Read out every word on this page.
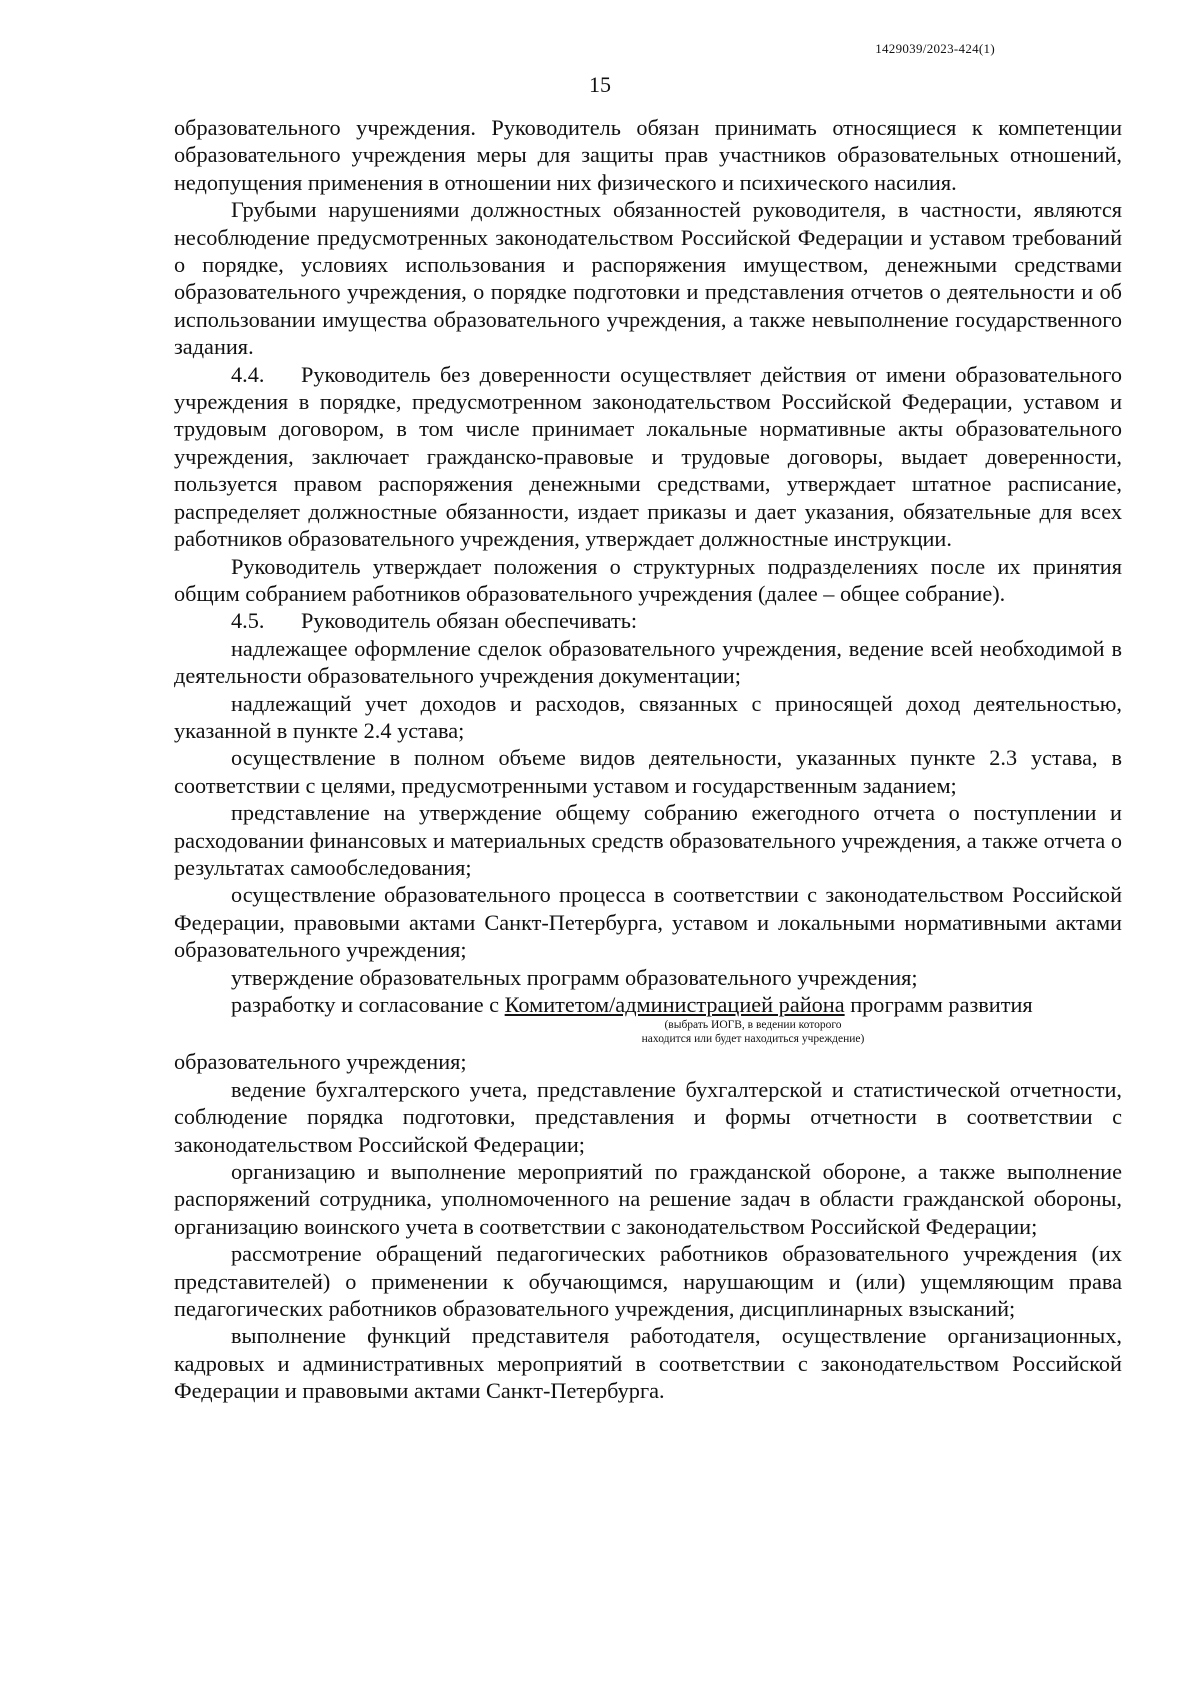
1429039/2023-424(1)
15

образовательного учреждения. Руководитель обязан принимать относящиеся к компетенции образовательного учреждения меры для защиты прав участников образовательных отношений, недопущения применения в отношении них физического и психического насилия.

Грубыми нарушениями должностных обязанностей руководителя, в частности, являются несоблюдение предусмотренных законодательством Российской Федерации и уставом требований о порядке, условиях использования и распоряжения имуществом, денежными средствами образовательного учреждения, о порядке подготовки и представления отчетов о деятельности и об использовании имущества образовательного учреждения, а также невыполнение государственного задания.

4.4. Руководитель без доверенности осуществляет действия от имени образовательного учреждения в порядке, предусмотренном законодательством Российской Федерации, уставом и трудовым договором, в том числе принимает локальные нормативные акты образовательного учреждения, заключает гражданско-правовые и трудовые договоры, выдает доверенности, пользуется правом распоряжения денежными средствами, утверждает штатное расписание, распределяет должностные обязанности, издает приказы и дает указания, обязательные для всех работников образовательного учреждения, утверждает должностные инструкции.

Руководитель утверждает положения о структурных подразделениях после их принятия общим собранием работников образовательного учреждения (далее – общее собрание).

4.5. Руководитель обязан обеспечивать:

надлежащее оформление сделок образовательного учреждения, ведение всей необходимой в деятельности образовательного учреждения документации;

надлежащий учет доходов и расходов, связанных с приносящей доход деятельностью, указанной в пункте 2.4 устава;

осуществление в полном объеме видов деятельности, указанных пункте 2.3 устава, в соответствии с целями, предусмотренными уставом и государственным заданием;

представление на утверждение общему собранию ежегодного отчета о поступлении и расходовании финансовых и материальных средств образовательного учреждения, а также отчета о результатах самообследования;

осуществление образовательного процесса в соответствии с законодательством Российской Федерации, правовыми актами Санкт-Петербурга, уставом и локальными нормативными актами образовательного учреждения;

утверждение образовательных программ образовательного учреждения;

разработку и согласование с Комитетом/администрацией района программ развития

(выбрать ИОГВ, в ведении которого
находится или будет находиться учреждение)

образовательного учреждения;

ведение бухгалтерского учета, представление бухгалтерской и статистической отчетности, соблюдение порядка подготовки, представления и формы отчетности в соответствии с законодательством Российской Федерации;

организацию и выполнение мероприятий по гражданской обороне, а также выполнение распоряжений сотрудника, уполномоченного на решение задач в области гражданской обороны, организацию воинского учета в соответствии с законодательством Российской Федерации;

рассмотрение обращений педагогических работников образовательного учреждения (их представителей) о применении к обучающимся, нарушающим и (или) ущемляющим права педагогических работников образовательного учреждения, дисциплинарных взысканий;

выполнение функций представителя работодателя, осуществление организационных, кадровых и административных мероприятий в соответствии с законодательством Российской Федерации и правовыми актами Санкт-Петербурга.
